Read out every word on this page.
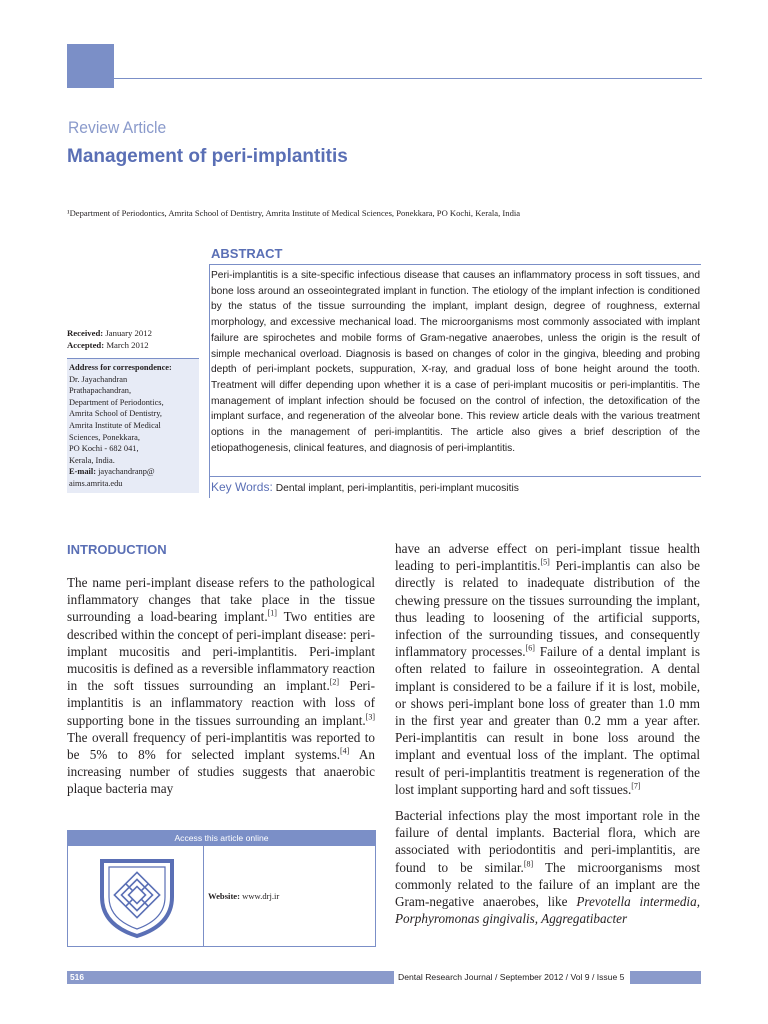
Review Article
Management of peri-implantitis
¹Department of Periodontics, Amrita School of Dentistry, Amrita Institute of Medical Sciences, Ponekkara, PO Kochi, Kerala, India
ABSTRACT
Peri-implantitis is a site-specific infectious disease that causes an inflammatory process in soft tissues, and bone loss around an osseointegrated implant in function. The etiology of the implant infection is conditioned by the status of the tissue surrounding the implant, implant design, degree of roughness, external morphology, and excessive mechanical load. The microorganisms most commonly associated with implant failure are spirochetes and mobile forms of Gram-negative anaerobes, unless the origin is the result of simple mechanical overload. Diagnosis is based on changes of color in the gingiva, bleeding and probing depth of peri-implant pockets, suppuration, X-ray, and gradual loss of bone height around the tooth. Treatment will differ depending upon whether it is a case of peri-implant mucositis or peri-implantitis. The management of implant infection should be focused on the control of infection, the detoxification of the implant surface, and regeneration of the alveolar bone. This review article deals with the various treatment options in the management of peri-implantitis. The article also gives a brief description of the etiopathogenesis, clinical features, and diagnosis of peri-implantitis.
Key Words: Dental implant, peri-implantitis, peri-implant mucositis
Received: January 2012
Accepted: March 2012
Address for correspondence:
Dr. Jayachandran
Prathapachandran,
Department of Periodontics,
Amrita School of Dentistry,
Amrita Institute of Medical
Sciences, Ponekkara,
PO Kochi - 682 041,
Kerala, India.
E-mail: jayachandranp@
aims.amrita.edu
INTRODUCTION

The name peri-implant disease refers to the pathological inflammatory changes that take place in the tissue surrounding a load-bearing implant.[1] Two entities are described within the concept of peri-implant disease: peri-implant mucositis and peri-implantitis. Peri-implant mucositis is defined as a reversible inflammatory reaction in the soft tissues surrounding an implant.[2] Peri-implantitis is an inflammatory reaction with loss of supporting bone in the tissues surrounding an implant.[3] The overall frequency of peri-implantitis was reported to be 5% to 8% for selected implant systems.[4] An increasing number of studies suggests that anaerobic plaque bacteria may

have an adverse effect on peri-implant tissue health leading to peri-implantitis.[5] Peri-implantis can also be directly is related to inadequate distribution of the chewing pressure on the tissues surrounding the implant, thus leading to loosening of the artificial supports, infection of the surrounding tissues, and consequently inflammatory processes.[6] Failure of a dental implant is often related to failure in osseointegration. A dental implant is considered to be a failure if it is lost, mobile, or shows peri-implant bone loss of greater than 1.0 mm in the first year and greater than 0.2 mm a year after. Peri-implantitis can result in bone loss around the implant and eventual loss of the implant. The optimal result of peri-implantitis treatment is regeneration of the lost implant supporting hard and soft tissues.[7]

Bacterial infections play the most important role in the failure of dental implants. Bacterial flora, which are associated with periodontitis and peri-implantitis, are found to be similar.[8] The microorganisms most commonly related to the failure of an implant are the Gram-negative anaerobes, like Prevotella intermedia, Porphyromonas gingivalis, Aggregatibacter

Access this article online
Website: www.drj.ir
516	Dental Research Journal / September 2012 / Vol 9 / Issue 5
